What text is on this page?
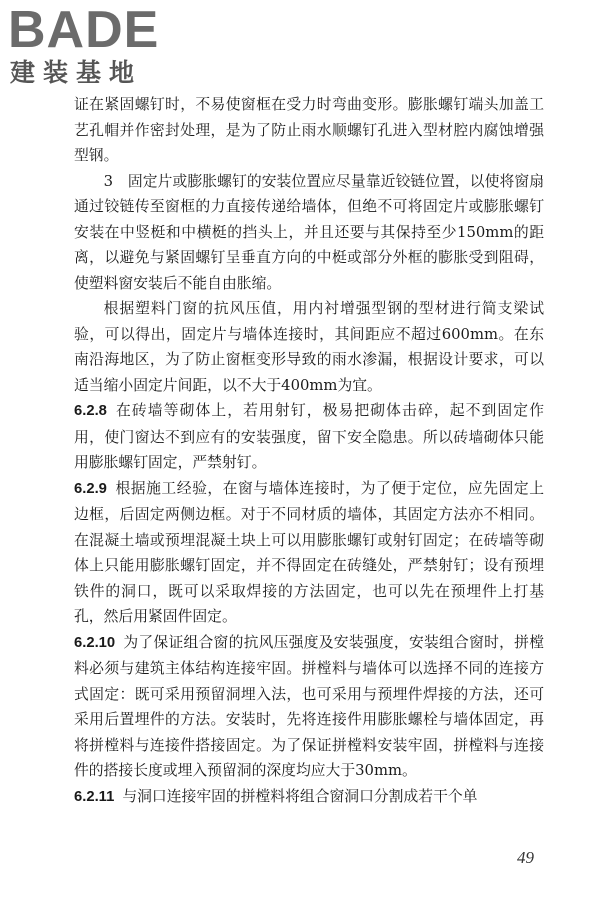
BADE
建装基地

证在紧固螺钉时，不易使窗框在受力时弯曲变形。膨胀螺钉端头加盖工艺孔帽并作密封处理，是为了防止雨水顺螺钉孔进入型材腔内腐蚀增强型钢。

3　固定片或膨胀螺钉的安装位置应尽量靠近铰链位置，以使将窗扇通过铰链传至窗框的力直接传递给墙体，但绝不可将固定片或膨胀螺钉安装在中竖梃和中横梃的挡头上，并且还要与其保持至少150mm的距离，以避免与紧固螺钉呈垂直方向的中梃或部分外框的膨胀受到阻碍，使塑料窗安装后不能自由胀缩。

根据塑料门窗的抗风压值，用内衬增强型钢的型材进行简支梁试验，可以得出，固定片与墙体连接时，其间距应不超过600mm。在东南沿海地区，为了防止窗框变形导致的雨水渗漏，根据设计要求，可以适当缩小固定片间距，以不大于400mm为宜。

6.2.8 在砖墙等砌体上，若用射钉，极易把砌体击碎，起不到固定作用，使门窗达不到应有的安装强度，留下安全隐患。所以砖墙砌体只能用膨胀螺钉固定，严禁射钉。

6.2.9 根据施工经验，在窗与墙体连接时，为了便于定位，应先固定上边框，后固定两侧边框。对于不同材质的墙体，其固定方法亦不相同。在混凝土墙或预埋混凝土块上可以用膨胀螺钉或射钉固定；在砖墙等砌体上只能用膨胀螺钉固定，并不得固定在砖缝处，严禁射钉；设有预埋铁件的洞口，既可以采取焊接的方法固定，也可以先在预埋件上打基孔，然后用紧固件固定。

6.2.10 为了保证组合窗的抗风压强度及安装强度，安装组合窗时，拼樘料必须与建筑主体结构连接牢固。拼樘料与墙体可以选择不同的连接方式固定：既可采用预留洞埋入法，也可采用与预埋件焊接的方法，还可采用后置埋件的方法。安装时，先将连接件用膨胀螺栓与墙体固定，再将拼樘料与连接件搭接固定。为了保证拼樘料安装牢固，拼樘料与连接件的搭接长度或埋入预留洞的深度均应大于30mm。

6.2.11 与洞口连接牢固的拼樘料将组合窗洞口分割成若干个单

49
